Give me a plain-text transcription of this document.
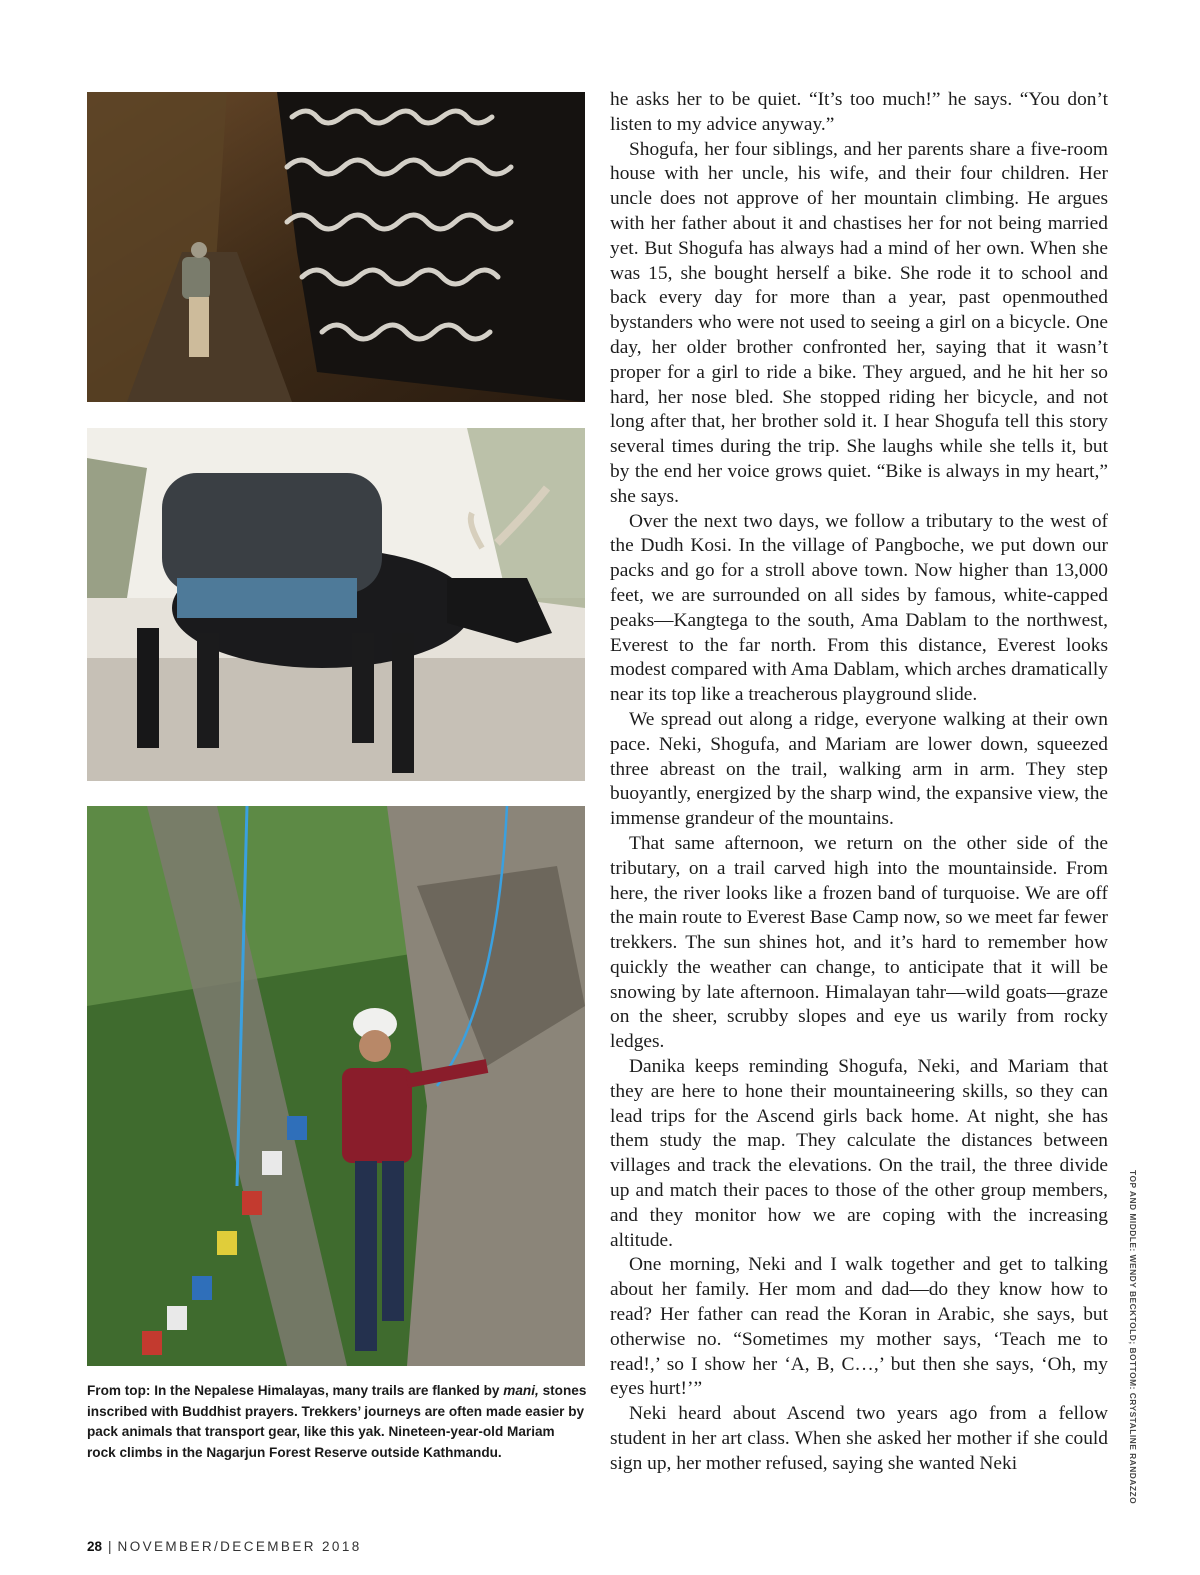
From top: In the Nepalese Himalayas, many trails are flanked by mani, stones inscribed with Buddhist prayers. Trekkers’ journeys are often made easier by pack animals that transport gear, like this yak. Nineteen-year-old Mariam rock climbs in the Nagarjun Forest Reserve outside Kathmandu.

he asks her to be quiet. “It’s too much!” he says. “You don’t listen to my advice anyway.”

Shogufa, her four siblings, and her parents share a five-room house with her uncle, his wife, and their four children. Her uncle does not approve of her mountain climbing. He argues with her father about it and chastises her for not being married yet. But Shogufa has always had a mind of her own. When she was 15, she bought herself a bike. She rode it to school and back every day for more than a year, past openmouthed bystanders who were not used to seeing a girl on a bicycle. One day, her older brother confronted her, saying that it wasn’t proper for a girl to ride a bike. They argued, and he hit her so hard, her nose bled. She stopped riding her bicycle, and not long after that, her brother sold it. I hear Shogufa tell this story several times during the trip. She laughs while she tells it, but by the end her voice grows quiet. “Bike is always in my heart,” she says.

Over the next two days, we follow a tributary to the west of the Dudh Kosi. In the village of Pangboche, we put down our packs and go for a stroll above town. Now higher than 13,000 feet, we are surrounded on all sides by famous, white-capped peaks—Kangtega to the south, Ama Dablam to the northwest, Everest to the far north. From this distance, Everest looks modest compared with Ama Dablam, which arches dramatically near its top like a treacherous playground slide.

We spread out along a ridge, everyone walking at their own pace. Neki, Shogufa, and Mariam are lower down, squeezed three abreast on the trail, walking arm in arm. They step buoyantly, energized by the sharp wind, the expansive view, the immense grandeur of the mountains.

That same afternoon, we return on the other side of the tributary, on a trail carved high into the mountainside. From here, the river looks like a frozen band of turquoise. We are off the main route to Everest Base Camp now, so we meet far fewer trekkers. The sun shines hot, and it’s hard to remember how quickly the weather can change, to anticipate that it will be snowing by late afternoon. Himalayan tahr—wild goats—graze on the sheer, scrubby slopes and eye us warily from rocky ledges.

Danika keeps reminding Shogufa, Neki, and Mariam that they are here to hone their mountaineering skills, so they can lead trips for the Ascend girls back home. At night, she has them study the map. They calculate the distances between villages and track the elevations. On the trail, the three divide up and match their paces to those of the other group members, and they monitor how we are coping with the increasing altitude.

One morning, Neki and I walk together and get to talking about her family. Her mom and dad—do they know how to read? Her father can read the Koran in Arabic, she says, but otherwise no. “Sometimes my mother says, ‘Teach me to read!,’ so I show her ‘A, B, C…,’ but then she says, ‘Oh, my eyes hurt!’”

Neki heard about Ascend two years ago from a fellow student in her art class. When she asked her mother if she could sign up, her mother refused, saying she wanted Neki	TOP AND MIDDLE: WENDY BECKTOLD; BOTTOM: CRYSTALINE RANDAZZO
28 | NOVEMBER/DECEMBER 2018
